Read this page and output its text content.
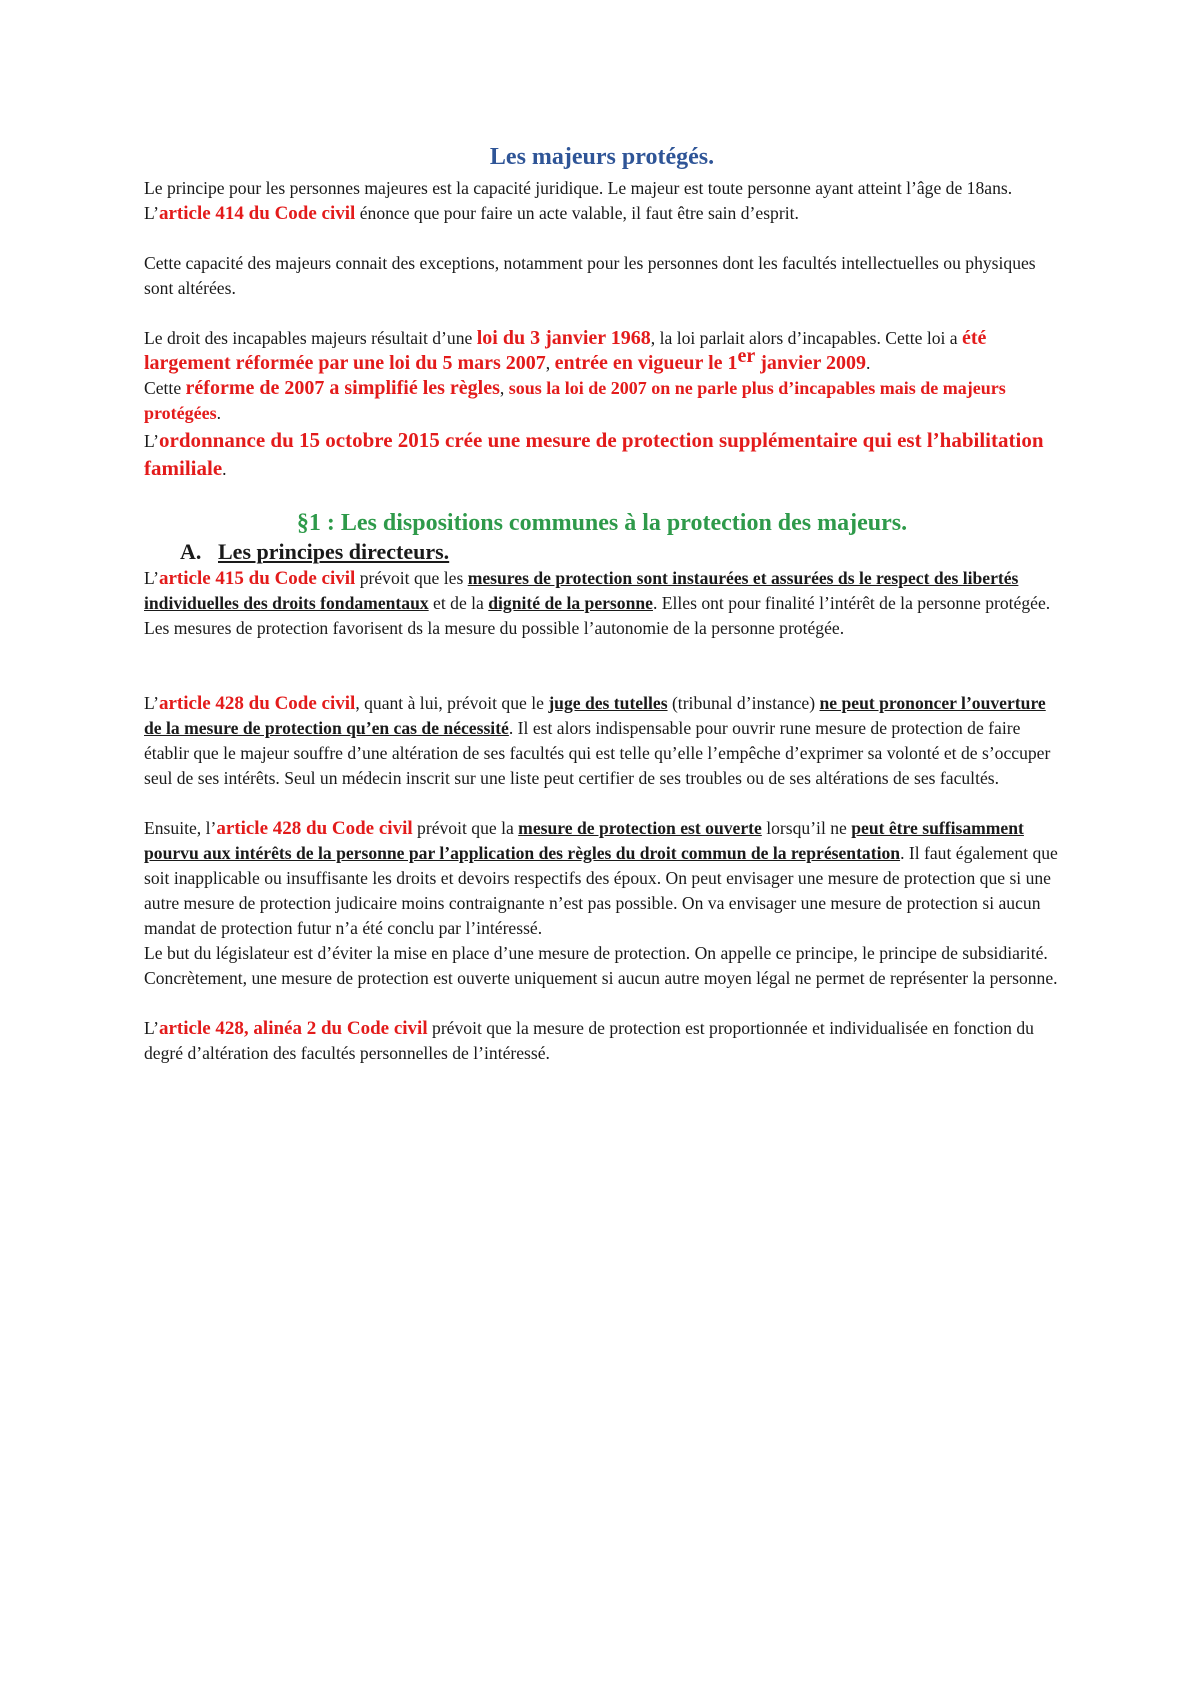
Les majeurs protégés.

Le principe pour les personnes majeures est la capacité juridique. Le majeur est toute personne ayant atteint l’âge de 18ans. L’article 414 du Code civil énonce que pour faire un acte valable, il faut être sain d’esprit.

Cette capacité des majeurs connait des exceptions, notamment pour les personnes dont les facultés intellectuelles ou physiques sont altérées.

Le droit des incapables majeurs résultait d’une loi du 3 janvier 1968, la loi parlait alors d’incapables. Cette loi a été largement réformée par une loi du 5 mars 2007, entrée en vigueur le 1er janvier 2009.

Cette réforme de 2007 a simplifié les règles, sous la loi de 2007 on ne parle plus d’incapables mais de majeurs protégées.

L’ordonnance du 15 octobre 2015 crée une mesure de protection supplémentaire qui est l’habilitation familiale.

§1 : Les dispositions communes à la protection des majeurs.
A. Les principes directeurs.

L’article 415 du Code civil prévoit que les mesures de protection sont instaurées et assurées ds le respect des libertés individuelles des droits fondamentaux et de la dignité de la personne. Elles ont pour finalité l’intérêt de la personne protégée. Les mesures de protection favorisent ds la mesure du possible l’autonomie de la personne protégée.

L’article 428 du Code civil, quant à lui, prévoit que le juge des tutelles (tribunal d’instance) ne peut prononcer l’ouverture de la mesure de protection qu’en cas de nécessité. Il est alors indispensable pour ouvrir rune mesure de protection de faire établir que le majeur souffre d’une altération de ses facultés qui est telle qu’elle l’empêche d’exprimer sa volonté et de s’occuper seul de ses intérêts. Seul un médecin inscrit sur une liste peut certifier de ses troubles ou de ses altérations de ses facultés.

Ensuite, l’article 428 du Code civil prévoit que la mesure de protection est ouverte lorsqu’il ne peut être suffisamment pourvu aux intérêts de la personne par l’application des règles du droit commun de la représentation. Il faut également que soit inapplicable ou insuffisante les droits et devoirs respectifs des époux. On peut envisager une mesure de protection que si une autre mesure de protection judicaire moins contraignante n’est pas possible. On va envisager une mesure de protection si aucun mandat de protection futur n’a été conclu par l’intéressé.

Le but du législateur est d’éviter la mise en place d’une mesure de protection. On appelle ce principe, le principe de subsidiarité. Concrètement, une mesure de protection est ouverte uniquement si aucun autre moyen légal ne permet de représenter la personne.

L’article 428, alinéa 2 du Code civil prévoit que la mesure de protection est proportionnée et individualisée en fonction du degré d’altération des facultés personnelles de l’intéressé.
